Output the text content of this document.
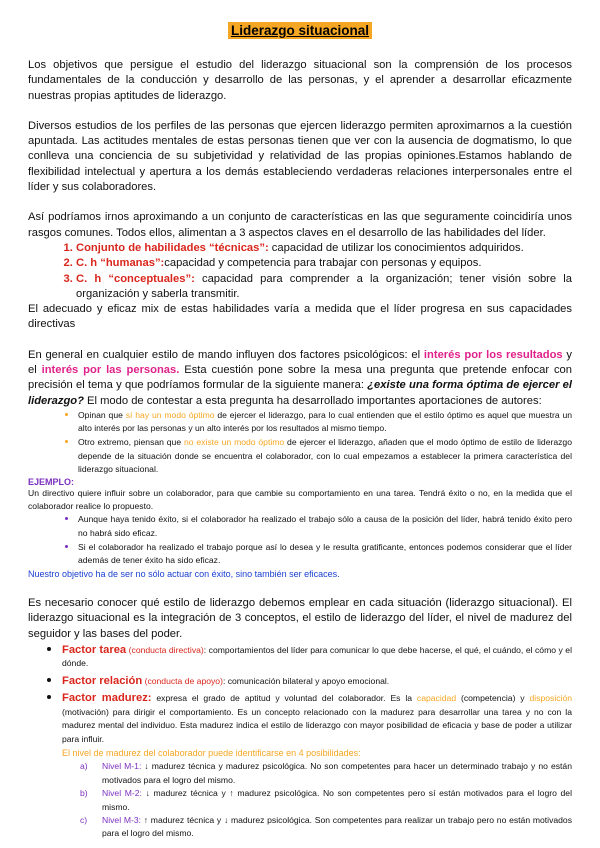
Liderazgo situacional

Los objetivos que persigue el estudio del liderazgo situacional son la comprensión de los procesos fundamentales de la conducción y desarrollo de las personas, y el aprender a desarrollar eficazmente nuestras propias aptitudes de liderazgo.

Diversos estudios de los perfiles de las personas que ejercen liderazgo permiten aproximarnos a la cuestión apuntada. Las actitudes mentales de estas personas tienen que ver con la ausencia de dogmatismo, lo que conlleva una conciencia de su subjetividad y relatividad de las propias opiniones.Estamos hablando de flexibilidad intelectual y apertura a los demás estableciendo verdaderas relaciones interpersonales entre el líder y sus colaboradores.

Así podríamos irnos aproximando a un conjunto de características en las que seguramente coincidiría unos rasgos comunes. Todos ellos, alimentan a 3 aspectos claves en el desarrollo de las habilidades del líder.

1. Conjunto de habilidades “técnicas”: capacidad de utilizar los conocimientos adquiridos.
2. C. h “humanas”:capacidad y competencia para trabajar con personas y equipos.
3. C. h “conceptuales”: capacidad para comprender a la organización; tener visión sobre la organización y saberla transmitir.

El adecuado y eficaz mix de estas habilidades varía a medida que el líder progresa en sus capacidades directivas

En general en cualquier estilo de mando influyen dos factores psicológicos: el interés por los resultados y el interés por las personas. Esta cuestión pone sobre la mesa una pregunta que pretende enfocar con precisión el tema y que podríamos formular de la siguiente manera: ¿existe una forma óptima de ejercer el liderazgo? El modo de contestar a esta pregunta ha desarrollado importantes aportaciones de autores:

• Opinan que sí hay un modo óptimo de ejercer el liderazgo, para lo cual entienden que el estilo óptimo es aquel que muestra un alto interés por las personas y un alto interés por los resultados al mismo tiempo.
• Otro extremo, piensan que no existe un modo óptimo de ejercer el liderazgo, añaden que el modo óptimo de estilo de liderazgo depende de la situación donde se encuentra el colaborador, con lo cual empezamos a establecer la primera característica del liderazgo situacional.
EJEMPLO:

Un directivo quiere influir sobre un colaborador, para que cambie su comportamiento en una tarea. Tendrá éxito o no, en la medida que el colaborador realice lo propuesto.

• Aunque haya tenido éxito, si el colaborador ha realizado el trabajo sólo a causa de la posición del líder, habrá tenido éxito pero no habrá sido eficaz.
• Si el colaborador ha realizado el trabajo porque así lo desea y le resulta gratificante, entonces podemos considerar que el líder además de tener éxito ha sido eficaz.

Nuestro objetivo ha de ser no sólo actuar con éxito, sino también ser eficaces.

Es necesario conocer qué estilo de liderazgo debemos emplear en cada situación (liderazgo situacional). El liderazgo situacional es la integración de 3 conceptos, el estilo de liderazgo del líder, el nivel de madurez del seguidor y las bases del poder.

• Factor tarea (conducta directiva): comportamientos del líder para comunicar lo que debe hacerse, el qué, el cuándo, el cómo y el dónde.
• Factor relación (conducta de apoyo): comunicación bilateral y apoyo emocional.
• Factor madurez: expresa el grado de aptitud y voluntad del colaborador. Es la capacidad (competencia) y disposición (motivación) para dirigir el comportamiento. Es un concepto relacionado con la madurez para desarrollar una tarea y no con la madurez mental del individuo. Esta madurez indica el estilo de liderazgo con mayor posibilidad de eficacia y base de poder a utilizar para influir.
El nivel de madurez del colaborador puede identificarse en 4 posibilidades:
Nivel M-1: ↓ madurez técnica y madurez psicológica. No son competentes para hacer un determinado trabajo y no están motivados para el logro del mismo.
Nivel M-2: ↓ madurez técnica y ↑ madurez psicológica. No son competentes pero sí están motivados para el logro del mismo.
Nivel M-3: ↑ madurez técnica y ↓ madurez psicológica. Son competentes para realizar un trabajo pero no están motivados para el logro del mismo.
